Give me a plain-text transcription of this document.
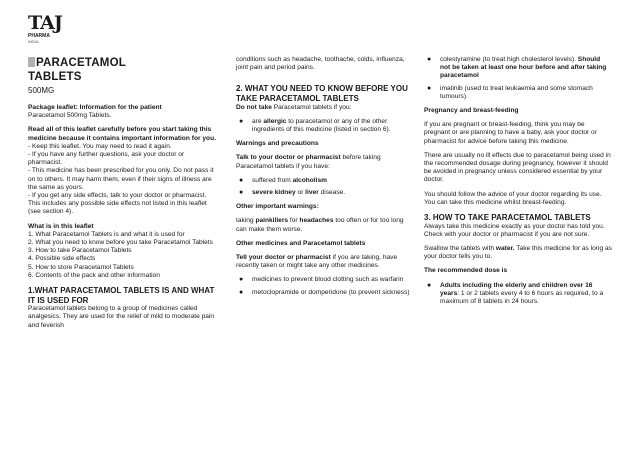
TAJ
PHARMA
INDIA
PARACETAMOL
TABLETS
500MG
Package leaflet: Information for the patient
Paracetamol 500mg Tablets.
Read all of this leaflet carefully before you start taking this medicine because it contains important information for you.
- Keep this leaflet. You may need to read it again.
- If you have any further questions, ask your doctor or pharmacist.
- This medicine has been prescribed for you only. Do not pass it on to others. It may harm them, even if their signs of illness are the same as yours.
- If you get any side effects, talk to your doctor or pharmacist. This includes any possible side effects not listed in this leaflet (see section 4).
What is in this leaflet
1. What Paracetamol Tablets is and what it is used for
2. What you need to know before you take Paracetamol Tablets
3. How to take Paracetamol Tablets
4. Possible side effects
5. How to store Paracetamol Tablets
6. Contents of the pack and other information
1.WHAT PARACETAMOL TABLETS IS AND WHAT IT IS USED FOR
Paracetamol tablets belong to a group of medicines called analgesics. They are used for the relief of mild to moderate pain and feverish
conditions such as headache, toothache, colds, influenza, joint pain and period pains.
2. WHAT YOU NEED TO KNOW BEFORE YOU TAKE PARACETAMOL TABLETS
Do not take Paracetamol tablets if you:
● are allergic to paracetamol or any of the other ingredients of this medicine (listed in section 6).
Warnings and precautions
Talk to your doctor or pharmacist before taking Paracetamol tablets if you have:
● suffered from alcoholism
● severe kidney or liver disease.
Other important warnings:
taking painkillers for headaches too often or for too long can make them worse.
Other medicines and Paracetamol tablets
Tell your doctor or pharmacist if you are taking, have recently taken or might take any other medicines.
● medicines to prevent blood clotting such as warfarin
● metoclopramide or domperidone (to prevent sickness)
● colestyramine (to treat high cholesterol levels). Should not be taken at least one hour before and after taking paracetamol
● imatinib (used to treat leukaemia and some stomach tumours).
Pregnancy and breast-feeding
If you are pregnant or breast-feeding, think you may be pregnant or are planning to have a baby, ask your doctor or pharmacist for advice before taking this medicine.
There are usually no ill effects due to paracetamol being used in the recommended dosage during pregnancy, however it should be avoided in pregnancy unless considered essential by your doctor.
You should follow the advice of your doctor regarding its use. You can take this medicine whilst breast-feeding.
3. HOW TO TAKE PARACETAMOL TABLETS
Always take this medicine exactly as your doctor has told you. Check with your doctor or pharmacist if you are not sure.
Swallow the tablets with water. Take this medicine for as long as your doctor tells you to.
The recommended dose is
● Adults including the elderly and children over 16 years: 1 or 2 tablets every 4 to 6 hours as required, to a maximum of 8 tablets in 24 hours.
